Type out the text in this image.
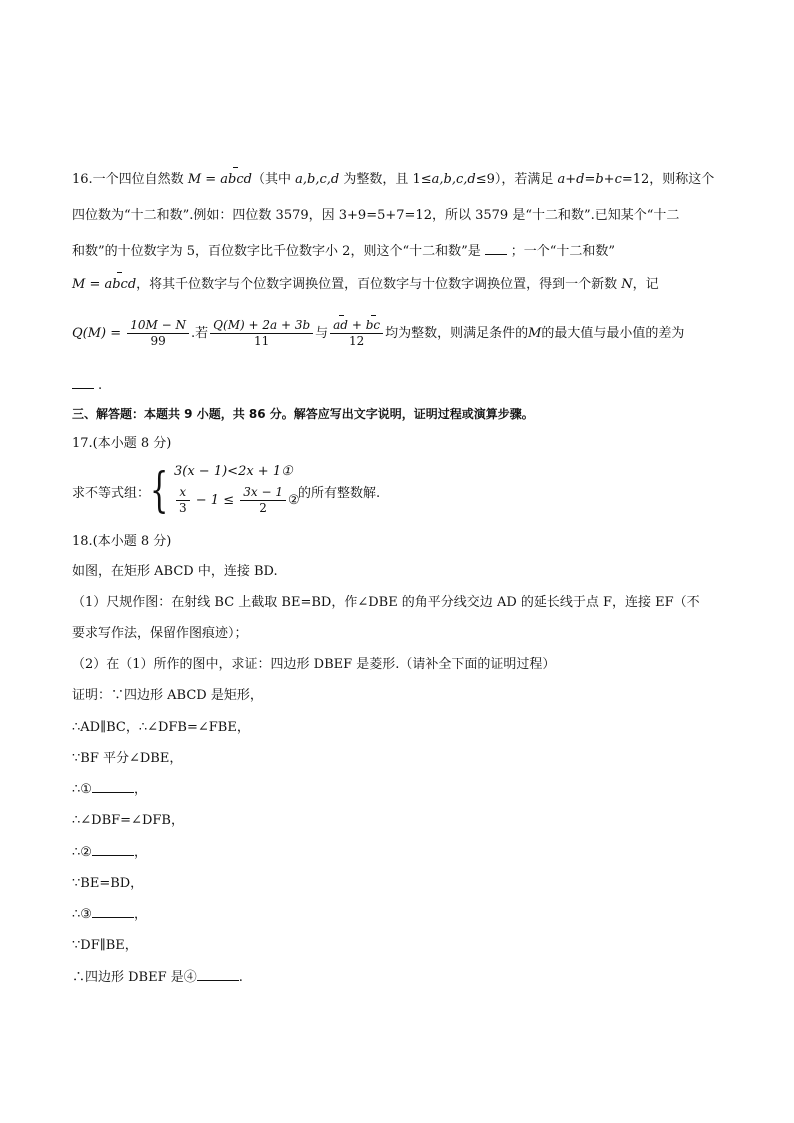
16.一个四位自然数 M = abcd（其中 a,b,c,d 为整数，且 1≤a,b,c,d≤9），若满足 a+d=b+c=12，则称这个
四位数为“十二和数”.例如：四位数 3579，因 3+9=5+7=12，所以 3579 是“十二和数”.已知某个“十二
和数”的十位数字为 5，百位数字比千位数字小 2，则这个“十二和数”是 ；一个“十二和数”
M = abcd，将其千位数字与个位数字调换位置，百位数字与十位数字调换位置，得到一个新数 N，记
$Q(M) = \frac{10M - N}{99}$ .若 $\frac{Q(M) + 2a + 3b}{11}$ 与 $\frac{ad + bc}{12}$ 均为整数，则满足条件的M的最大值与最小值的差为
.
三、解答题：本题共 9 小题，共 86 分。解答应写出文字说明，证明过程或演算步骤。
17.(本小题 8 分)
求不等式组： { 3(x − 1)<2x + 1①
$\frac{x}{3} - 1 \le \frac{3x - 1}{2}$ ②
的所有整数解.
18.(本小题 8 分)
如图，在矩形 ABCD 中，连接 BD.
（1）尺规作图：在射线 BC 上截取 BE=BD，作∠DBE 的角平分线交边 AD 的延长线于点 F，连接 EF（不
要求写作法，保留作图痕迹）；
（2）在（1）所作的图中，求证：四边形 DBEF 是菱形.（请补全下面的证明过程）
证明：∵四边形 ABCD 是矩形，
∴AD∥BC，∴∠DFB=∠FBE，
∵BF 平分∠DBE，
∴①	，
∴∠DBF=∠DFB，
∴②	，
∵BE=BD，
∴③	，
∵DF∥BE，
∴四边形 DBEF 是④	.
